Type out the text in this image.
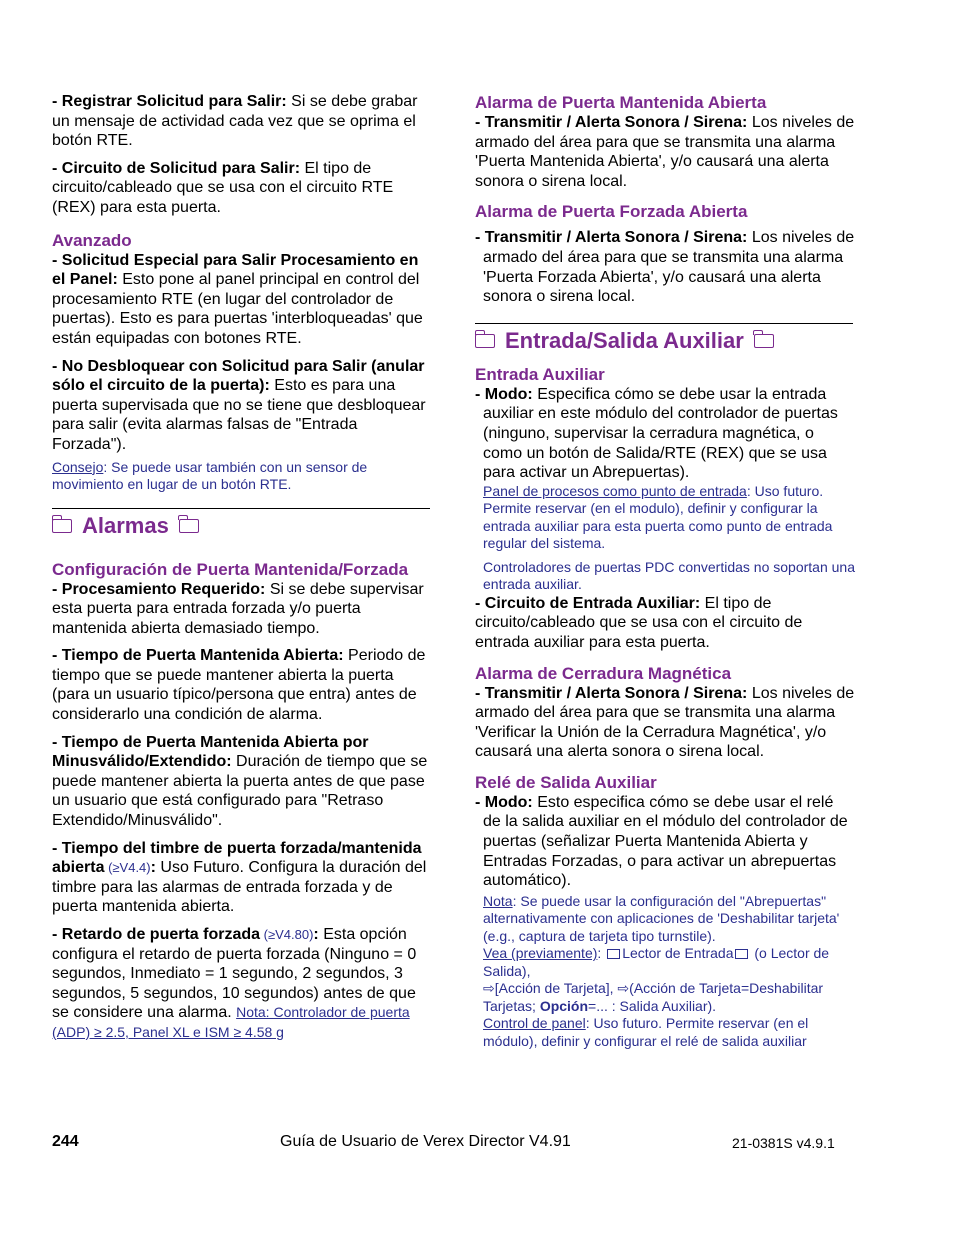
- Registrar Solicitud para Salir: Si se debe grabar un mensaje de actividad cada vez que se oprima el botón RTE.

- Circuito de Solicitud para Salir: El tipo de circuito/cableado que se usa con el circuito RTE (REX) para esta puerta.

Avanzado

- Solicitud Especial para Salir Procesamiento en el Panel: Esto pone al panel principal en control del procesamiento RTE (en lugar del controlador de puertas). Esto es para puertas 'interbloqueadas' que están equipadas con botones RTE.

- No Desbloquear con Solicitud para Salir (anular sólo el circuito de la puerta): Esto es para una puerta supervisada que no se tiene que desbloquear para salir (evita alarmas falsas de "Entrada Forzada").

Consejo: Se puede usar también con un sensor de movimiento en lugar de un botón RTE.

Alarmas

Configuración de Puerta Mantenida/Forzada

- Procesamiento Requerido: Si se debe supervisar esta puerta para entrada forzada y/o puerta mantenida abierta demasiado tiempo.

- Tiempo de Puerta Mantenida Abierta: Periodo de tiempo que se puede mantener abierta la puerta (para un usuario típico/persona que entra) antes de considerarlo una condición de alarma.

- Tiempo de Puerta Mantenida Abierta por Minusválido/Extendido: Duración de tiempo que se puede mantener abierta la puerta antes de que pase un usuario que está configurado para "Retraso Extendido/Minusválido".

- Tiempo del timbre de puerta forzada/mantenida abierta (≥V4.4): Uso Futuro. Configura la duración del timbre para las alarmas de entrada forzada y de puerta mantenida abierta.

- Retardo de puerta forzada (≥V4.80): Esta opción configura el retardo de puerta forzada (Ninguno = 0 segundos, Inmediato = 1 segundo, 2 segundos, 3 segundos, 5 segundos, 10 segundos) antes de que se considere una alarma. Nota: Controlador de puerta (ADP) ≥ 2.5, Panel XL e ISM ≥ 4.58 g

Alarma de Puerta Mantenida Abierta

- Transmitir / Alerta Sonora / Sirena: Los niveles de armado del área para que se transmita una alarma 'Puerta Mantenida Abierta', y/o causará una alerta sonora o sirena local.

Alarma de Puerta Forzada Abierta

- Transmitir / Alerta Sonora / Sirena: Los niveles de armado del área para que se transmita una alarma 'Puerta Forzada Abierta', y/o causará una alerta sonora o sirena local.

Entrada/Salida Auxiliar

Entrada Auxiliar

- Modo: Especifica cómo se debe usar la entrada auxiliar en este módulo del controlador de puertas (ninguno, supervisar la cerradura magnética, o como un botón de Salida/RTE (REX) que se usa para activar un Abrepuertas).

Panel de procesos como punto de entrada: Uso futuro. Permite reservar (en el modulo), definir y configurar la entrada auxiliar para esta puerta como punto de entrada regular del sistema.

Controladores de puertas PDC convertidas no soportan una entrada auxiliar.

- Circuito de Entrada Auxiliar: El tipo de circuito/cableado que se usa con el circuito de entrada auxiliar para esta puerta.

Alarma de Cerradura Magnética

- Transmitir / Alerta Sonora / Sirena: Los niveles de armado del área para que se transmita una alarma 'Verificar la Unión de la Cerradura Magnética', y/o causará una alerta sonora o sirena local.

Relé de Salida Auxiliar

- Modo: Esto especifica cómo se debe usar el relé de la salida auxiliar en el módulo del controlador de puertas (señalizar Puerta Mantenida Abierta y Entradas Forzadas, o para activar un abrepuertas automático).

Nota: Se puede usar la configuración del "Abrepuertas" alternativamente con aplicaciones de 'Deshabilitar tarjeta' (e.g., captura de tarjeta tipo turnstile).

Vea (previamente): Lector de Entrada (o Lector de Salida),
⇨[Acción de Tarjeta], ⇨(Acción de Tarjeta=Deshabilitar Tarjetas; Opción=... : Salida Auxiliar).

Control de panel: Uso futuro. Permite reservar (en el módulo), definir y configurar el relé de salida auxiliar

244	Guía de Usuario de Verex Director V4.91	21-0381S v4.9.1
